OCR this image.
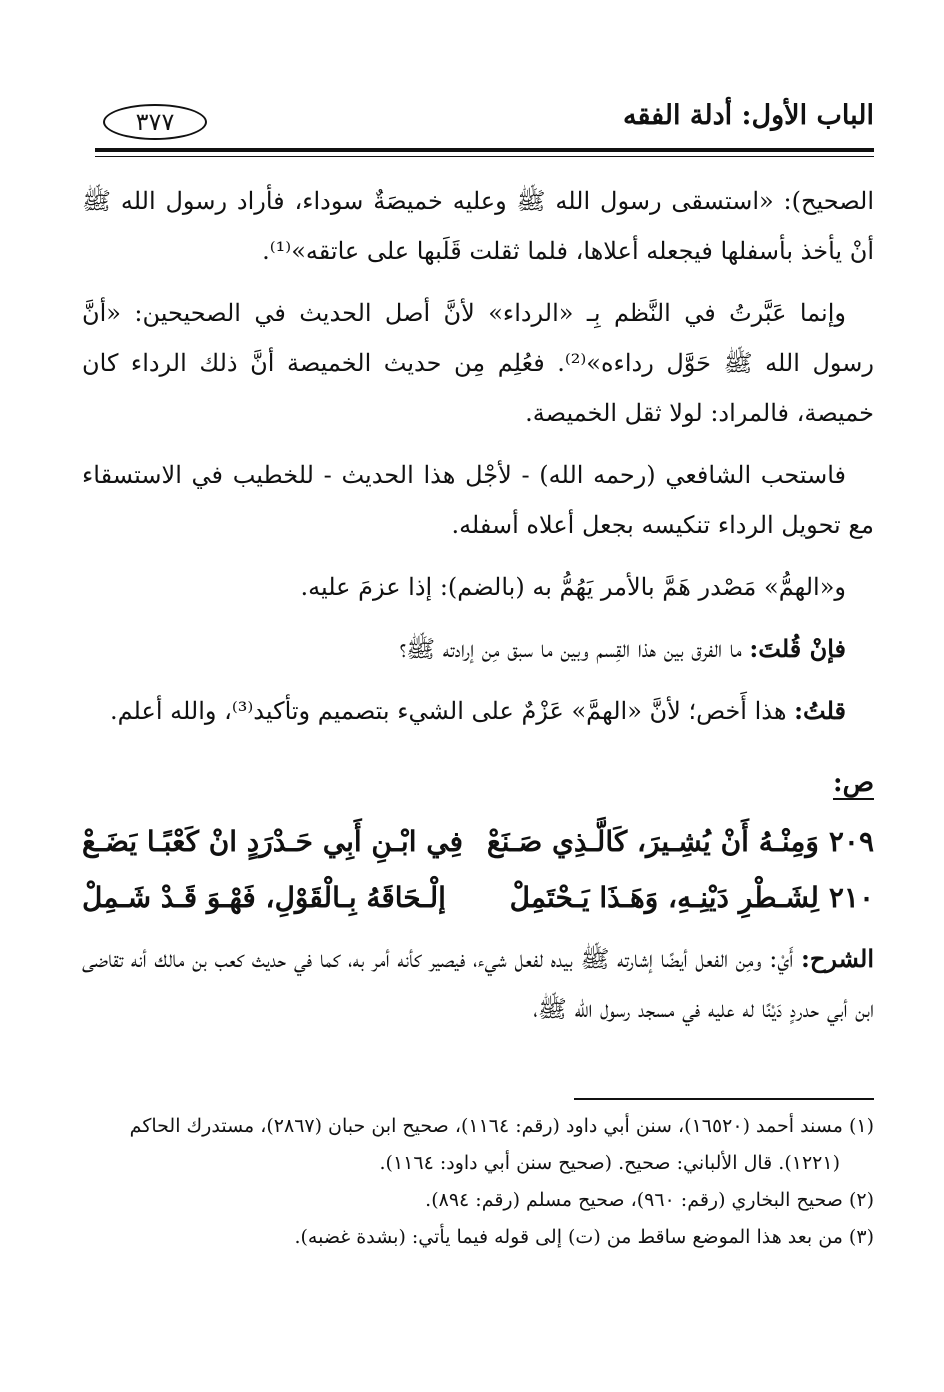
الباب الأول: أدلة الفقه
٣٧٧

الصحيح): «استسقى رسول الله ﷺ وعليه خميصَةٌ سوداء، فأراد رسول الله ﷺ أنْ يأخذ بأسفلها فيجعله أعلاها، فلما ثقلت قَلَبها على عاتقه»⁽¹⁾.

وإنما عَبَّرتُ في النَّظم بِـ «الرداء» لأنَّ أصل الحديث في الصحيحين: «أنَّ رسول الله ﷺ حَوَّل رداءه»⁽²⁾. فعُلِم مِن حديث الخميصة أنَّ ذلك الرداء كان خميصة، فالمراد: لولا ثقل الخميصة.

فاستحب الشافعي (رحمه الله) - لأجْل هذا الحديث - للخطيب في الاستسقاء مع تحويل الرداء تنكيسه بجعل أعلاه أسفله.

و«الهمُّ» مَصْدر هَمَّ بالأمر يَهُمُّ به (بالضم): إذا عزمَ عليه.

فإنْ قُلتَ: ما الفرق بين هذا القِسم وبين ما سبق مِن إرادته ﷺ؟

قلتُ: هذا أَخص؛ لأنَّ «الهمَّ» عَزْمٌ على الشيء بتصميم وتأكيد⁽³⁾، والله أعلم.

ص:
٢٠٩
وَمِنْـهُ أَنْ يُشِـيرَ، كَالَّـذِي صَـنَعْ
فِي ابْـنِ أَبِي حَـدْرَدٍ انْ كَعْبًـا يَضَـعْ
٢١٠
لِشَـطْرِ دَيْنِـهِ، وَهَـذَا يَـحْتَمِلْ
إلْـحَاقَهُ بِـالْقَوْلِ، فَهْـوَ قَـدْ شَـمِلْ

الشرح: أَيْ: ومِن الفعل أيضًا إشارته ﷺ بيده لفعل شيء، فيصير كأنه أمر به، كما في حديث كعب بن مالك أنه تقاضى ابن أبي حدردٍ دَيْنًا له عليه في مسجد رسول الله ﷺ،

(١) مسند أحمد (١٦٥٢٠)، سنن أبي داود (رقم: ١١٦٤)، صحيح ابن حبان (٢٨٦٧)، مستدرك الحاكم

(١٢٢١). قال الألباني: صحيح. (صحيح سنن أبي داود: ١١٦٤).

(٢) صحيح البخاري (رقم: ٩٦٠)، صحيح مسلم (رقم: ٨٩٤).

(٣) من بعد هذا الموضع ساقط من (ت) إلى قوله فيما يأتي: (بشدة غضبه).
